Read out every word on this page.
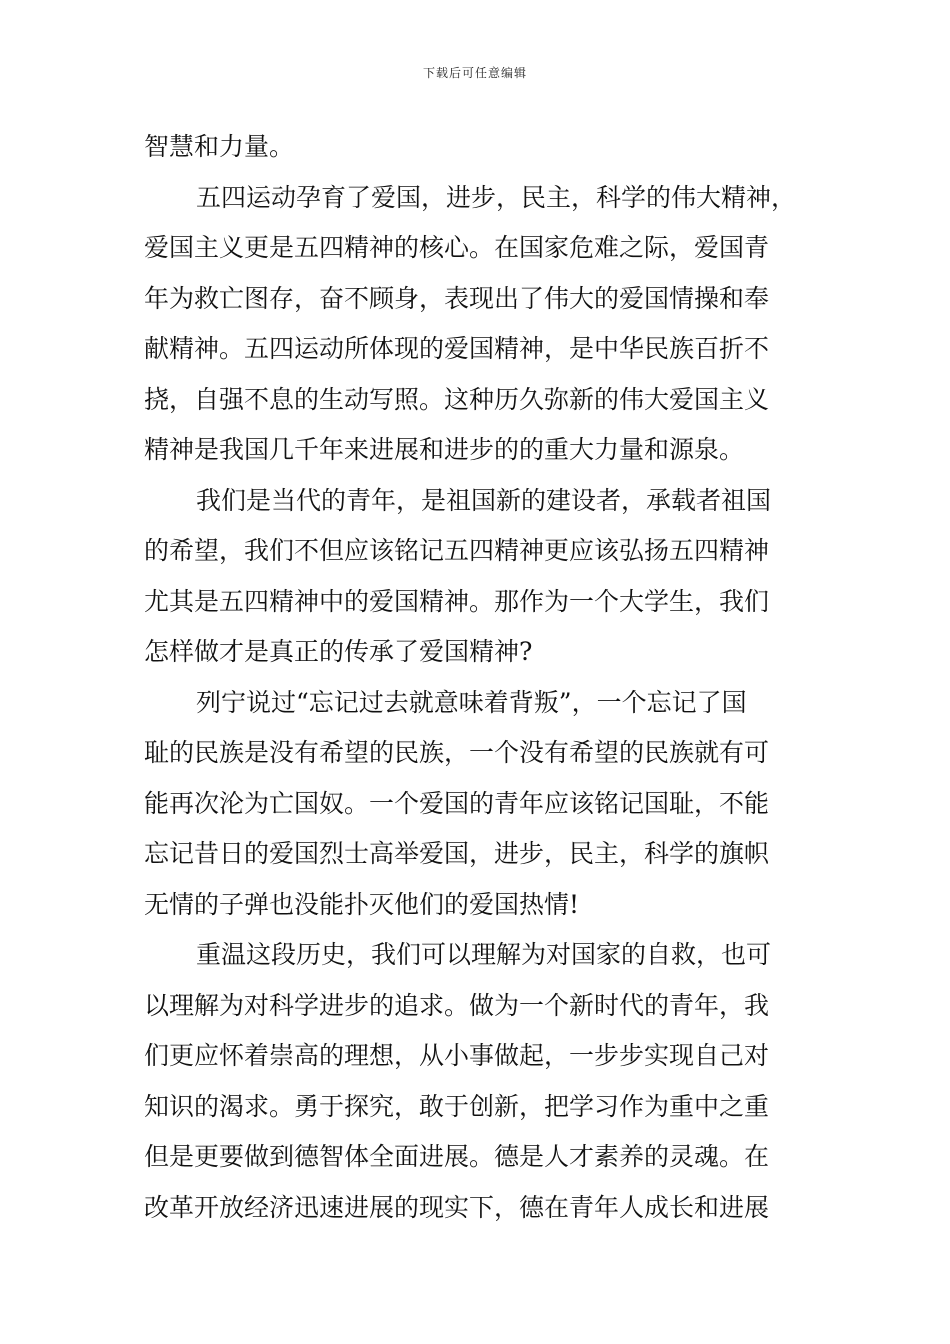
下载后可任意编辑
智慧和力量。
五四运动孕育了爱国，进步，民主，科学的伟大精神，
爱国主义更是五四精神的核心。在国家危难之际，爱国青
年为救亡图存，奋不顾身，表现出了伟大的爱国情操和奉
献精神。五四运动所体现的爱国精神，是中华民族百折不
挠，自强不息的生动写照。这种历久弥新的伟大爱国主义
精神是我国几千年来进展和进步的的重大力量和源泉。
我们是当代的青年，是祖国新的建设者，承载者祖国
的希望，我们不但应该铭记五四精神更应该弘扬五四精神
尤其是五四精神中的爱国精神。那作为一个大学生，我们
怎样做才是真正的传承了爱国精神?
列宁说过“忘记过去就意味着背叛”，一个忘记了国
耻的民族是没有希望的民族，一个没有希望的民族就有可
能再次沦为亡国奴。一个爱国的青年应该铭记国耻，不能
忘记昔日的爱国烈士高举爱国，进步，民主，科学的旗帜
无情的子弹也没能扑灭他们的爱国热情!
重温这段历史，我们可以理解为对国家的自救，也可
以理解为对科学进步的追求。做为一个新时代的青年，我
们更应怀着崇高的理想，从小事做起，一步步实现自己对
知识的渴求。勇于探究，敢于创新，把学习作为重中之重
但是更要做到德智体全面进展。德是人才素养的灵魂。在
改革开放经济迅速进展的现实下，德在青年人成长和进展
